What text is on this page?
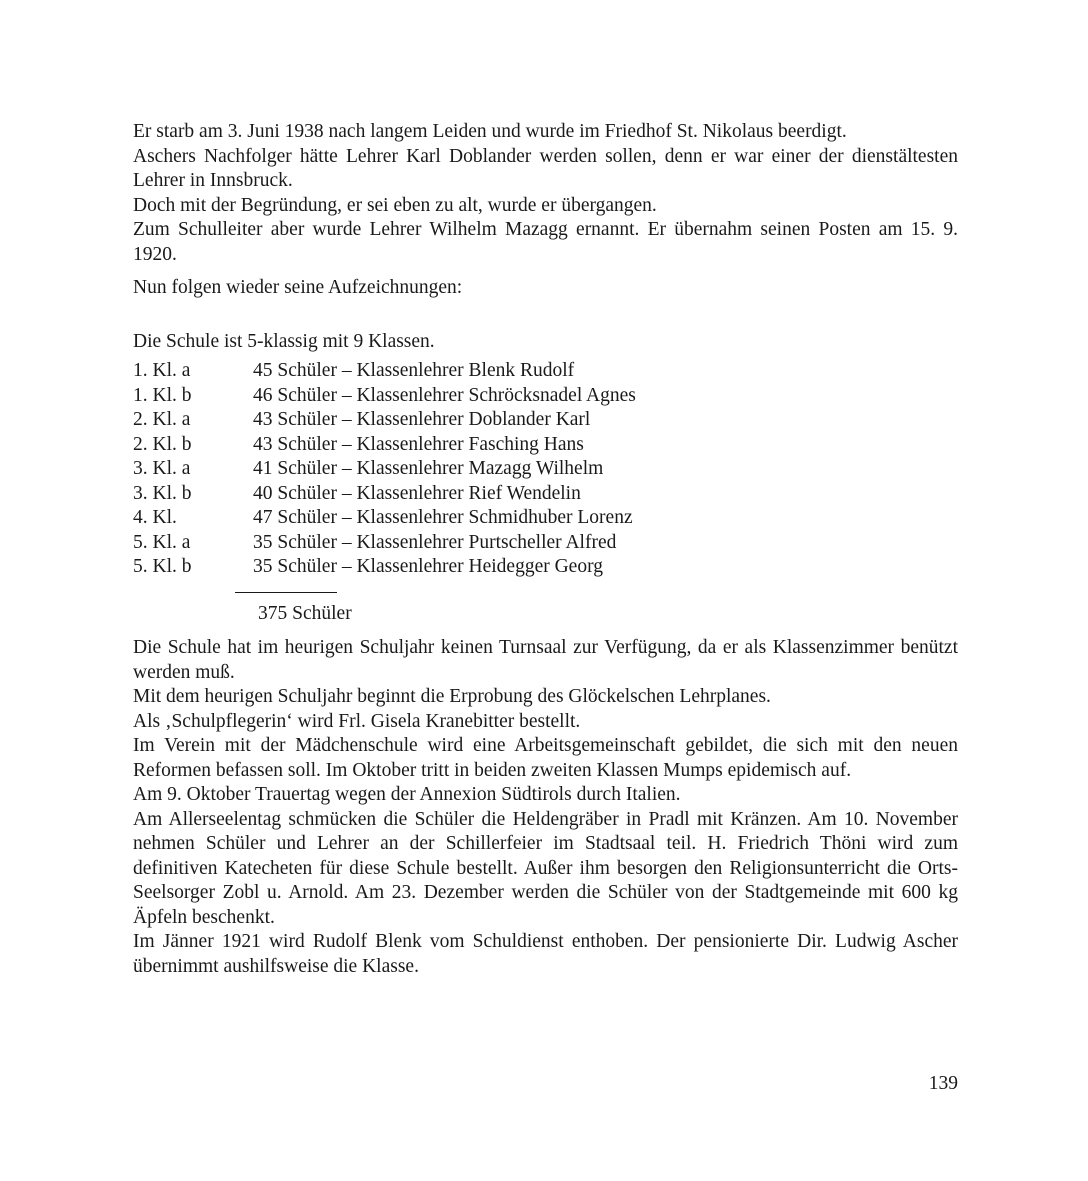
Er starb am 3. Juni 1938 nach langem Leiden und wurde im Friedhof St. Nikolaus beerdigt.

Aschers Nachfolger hätte Lehrer Karl Doblander werden sollen, denn er war einer der dienstältesten Lehrer in Innsbruck.

Doch mit der Begründung, er sei eben zu alt, wurde er übergangen.

Zum Schulleiter aber wurde Lehrer Wilhelm Mazagg ernannt. Er übernahm seinen Posten am 15. 9. 1920.

Nun folgen wieder seine Aufzeichnungen:

Die Schule ist 5-klassig mit 9 Klassen.

1. Kl. a	45 Schüler – Klassenlehrer Blenk Rudolf
1. Kl. b	46 Schüler – Klassenlehrer Schröcksnadel Agnes
2. Kl. a	43 Schüler – Klassenlehrer Doblander Karl
2. Kl. b	43 Schüler – Klassenlehrer Fasching Hans
3. Kl. a	41 Schüler – Klassenlehrer Mazagg Wilhelm
3. Kl. b	40 Schüler – Klassenlehrer Rief Wendelin
4. Kl.	47 Schüler – Klassenlehrer Schmidhuber Lorenz
5. Kl. a	35 Schüler – Klassenlehrer Purtscheller Alfred
5. Kl. b	35 Schüler – Klassenlehrer Heidegger Georg
375 Schüler

Die Schule hat im heurigen Schuljahr keinen Turnsaal zur Verfügung, da er als Klassenzimmer benützt werden muß.

Mit dem heurigen Schuljahr beginnt die Erprobung des Glöckelschen Lehrplanes.

Als ‚Schulpflegerin‘ wird Frl. Gisela Kranebitter bestellt.

Im Verein mit der Mädchenschule wird eine Arbeitsgemeinschaft gebildet, die sich mit den neuen Reformen befassen soll. Im Oktober tritt in beiden zweiten Klassen Mumps epidemisch auf.

Am 9. Oktober Trauertag wegen der Annexion Südtirols durch Italien.

Am Allerseelentag schmücken die Schüler die Heldengräber in Pradl mit Kränzen. Am 10. November nehmen Schüler und Lehrer an der Schillerfeier im Stadtsaal teil. H. Friedrich Thöni wird zum definitiven Katecheten für diese Schule bestellt. Außer ihm besorgen den Religionsunterricht die Orts-Seelsorger Zobl u. Arnold. Am 23. Dezember werden die Schüler von der Stadtgemeinde mit 600 kg Äpfeln beschenkt.

Im Jänner 1921 wird Rudolf Blenk vom Schuldienst enthoben. Der pensionierte Dir. Ludwig Ascher übernimmt aushilfsweise die Klasse.

139
